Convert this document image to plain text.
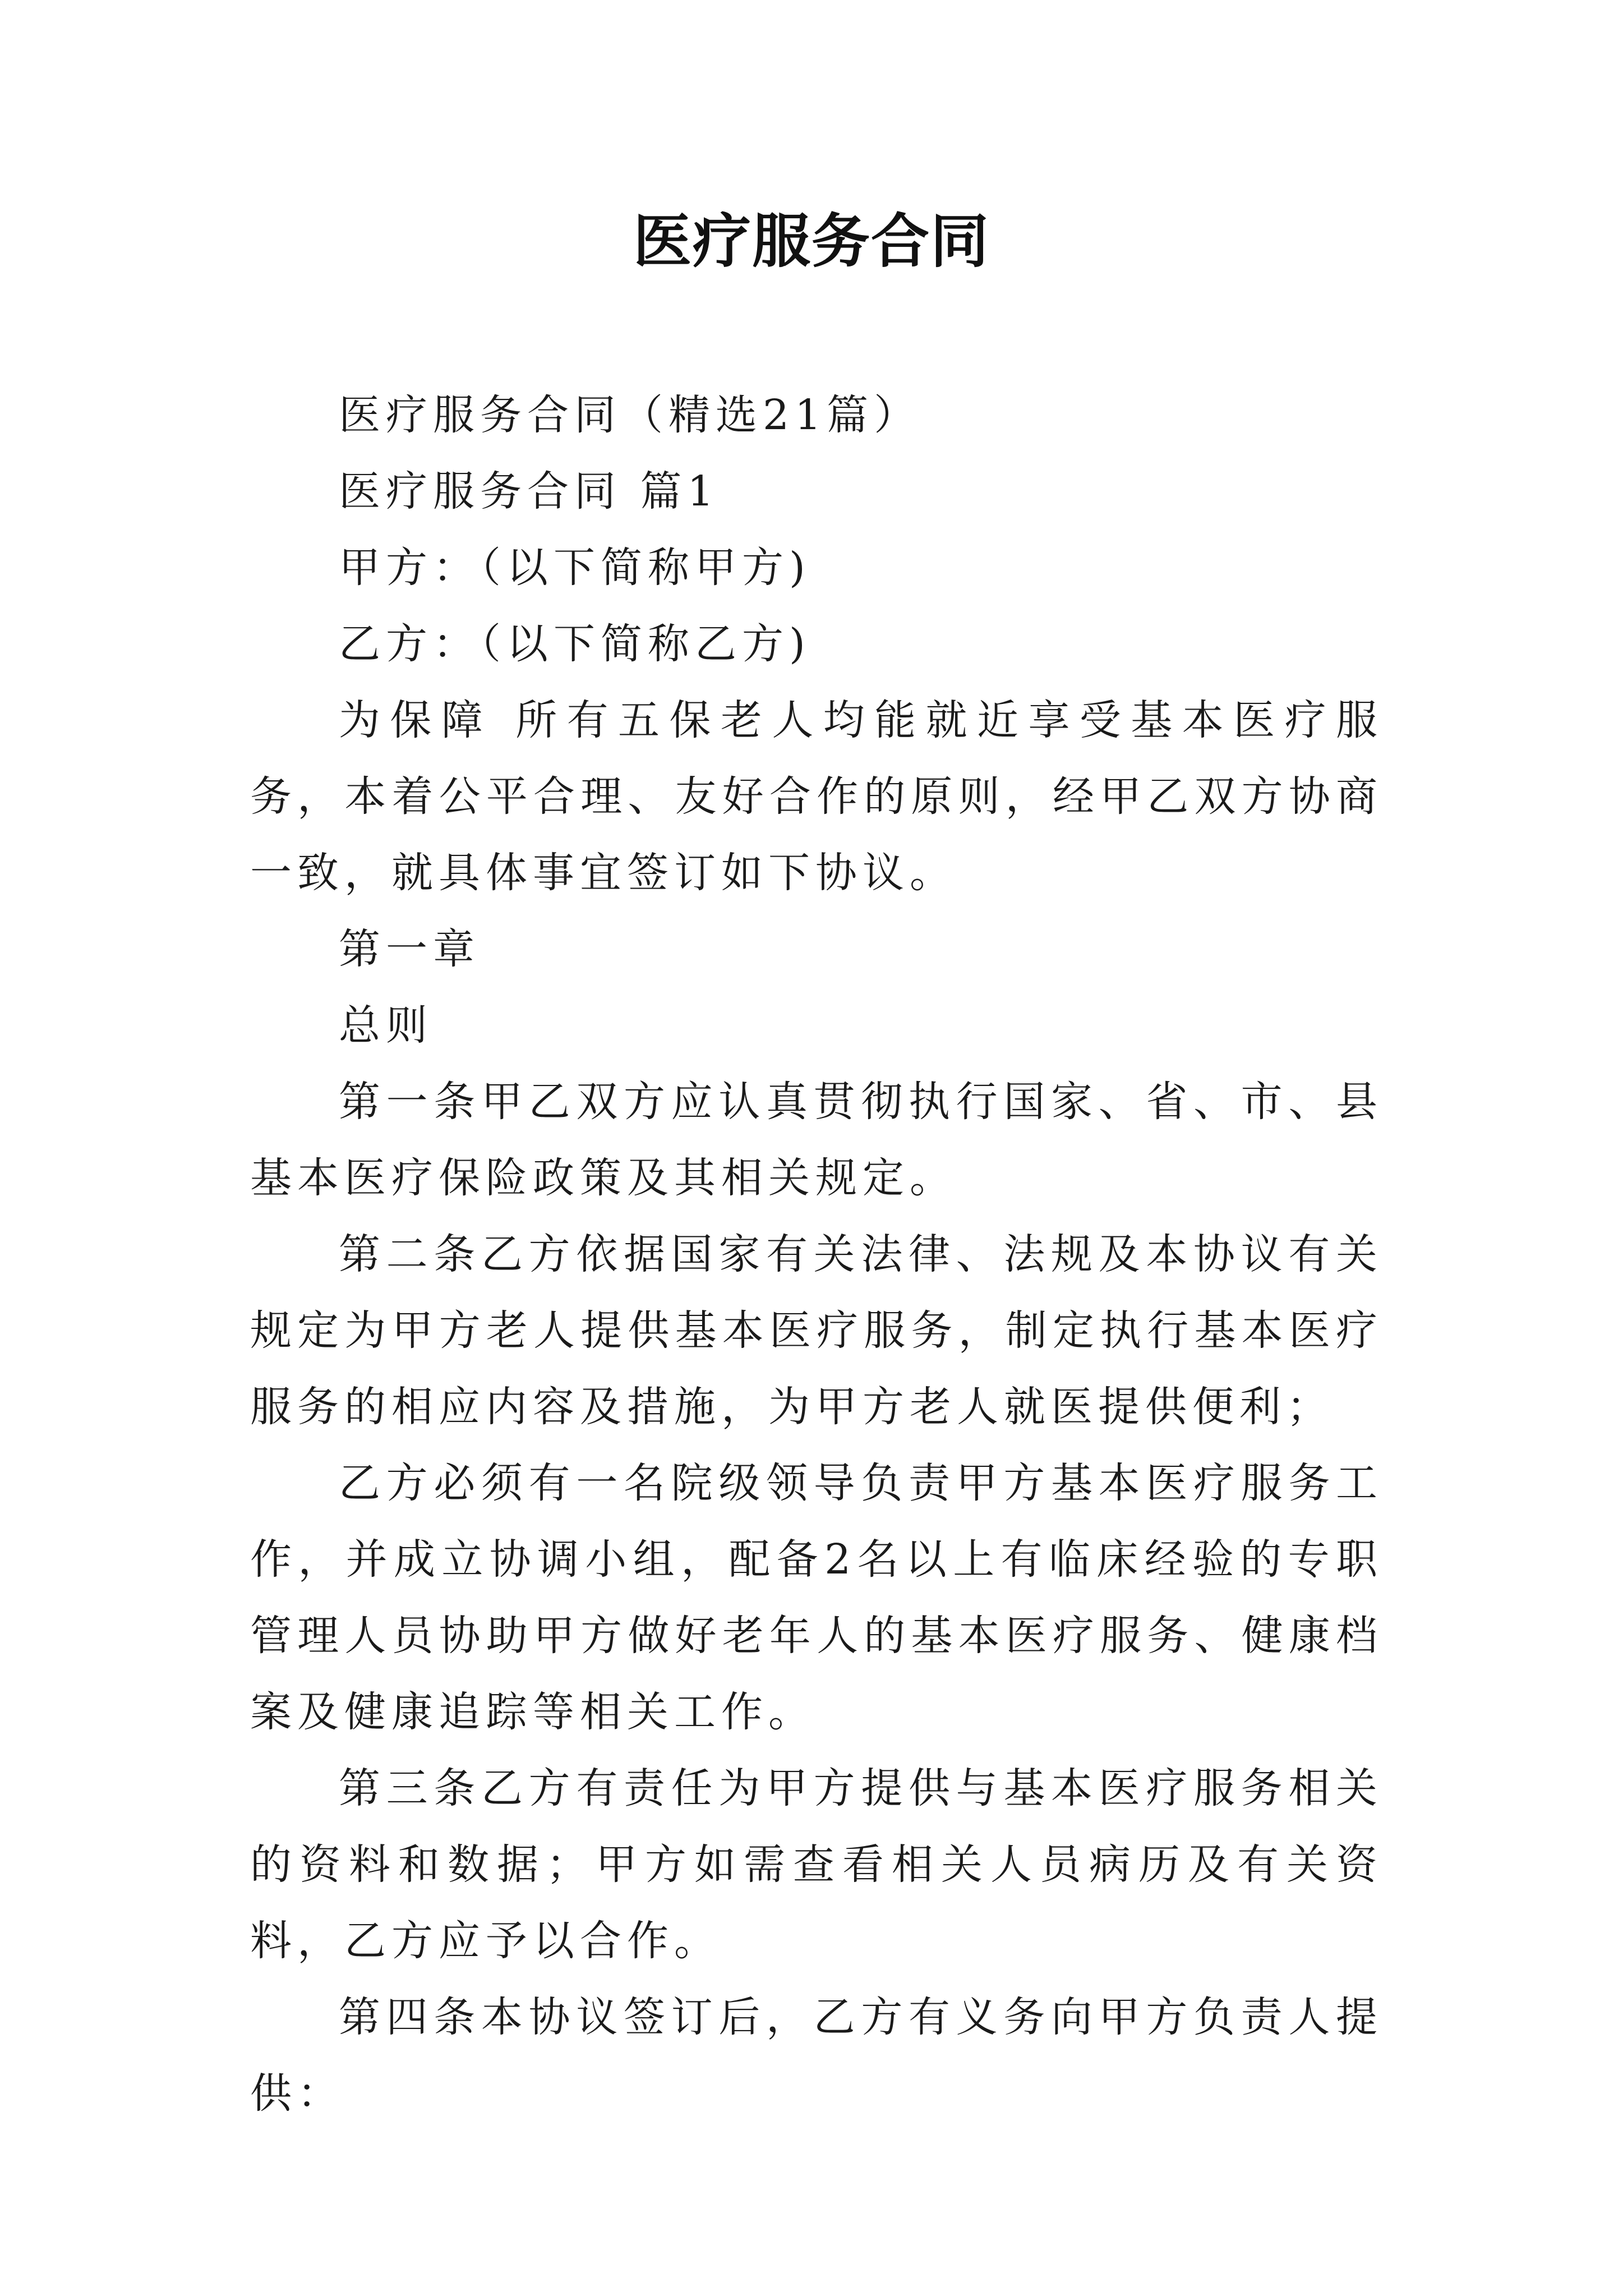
医疗服务合同

医疗服务合同（精选21篇）

医疗服务合同 篇1

甲方：（以下简称甲方)

乙方：（以下简称乙方)

为保障 所有五保老人均能就近享受基本医疗服务，本着公平合理、友好合作的原则，经甲乙双方协商一致，就具体事宜签订如下协议。

第一章

总则

第一条甲乙双方应认真贯彻执行国家、省、市、县基本医疗保险政策及其相关规定。

第二条乙方依据国家有关法律、法规及本协议有关规定为甲方老人提供基本医疗服务，制定执行基本医疗服务的相应内容及措施，为甲方老人就医提供便利；

乙方必须有一名院级领导负责甲方基本医疗服务工作，并成立协调小组，配备2名以上有临床经验的专职管理人员协助甲方做好老年人的基本医疗服务、健康档案及健康追踪等相关工作。

第三条乙方有责任为甲方提供与基本医疗服务相关的资料和数据；甲方如需查看相关人员病历及有关资料，乙方应予以合作。

第四条本协议签订后，乙方有义务向甲方负责人提供：
